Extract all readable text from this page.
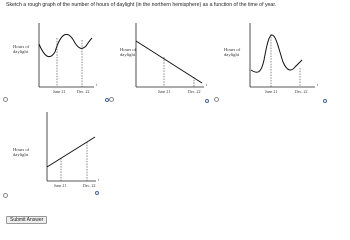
Sketch a rough graph of the number of hours of daylight (in the northern hemisphere) as a function of the time of year.
Hours of
daylight
June 21	Dec. 22
t
Hours of
daylight
June 21	Dec. 22
t
Hours of
daylight
June 21	Dec. 22
t
Hours of
daylight
June 21	Dec. 22
t
Submit Answer
